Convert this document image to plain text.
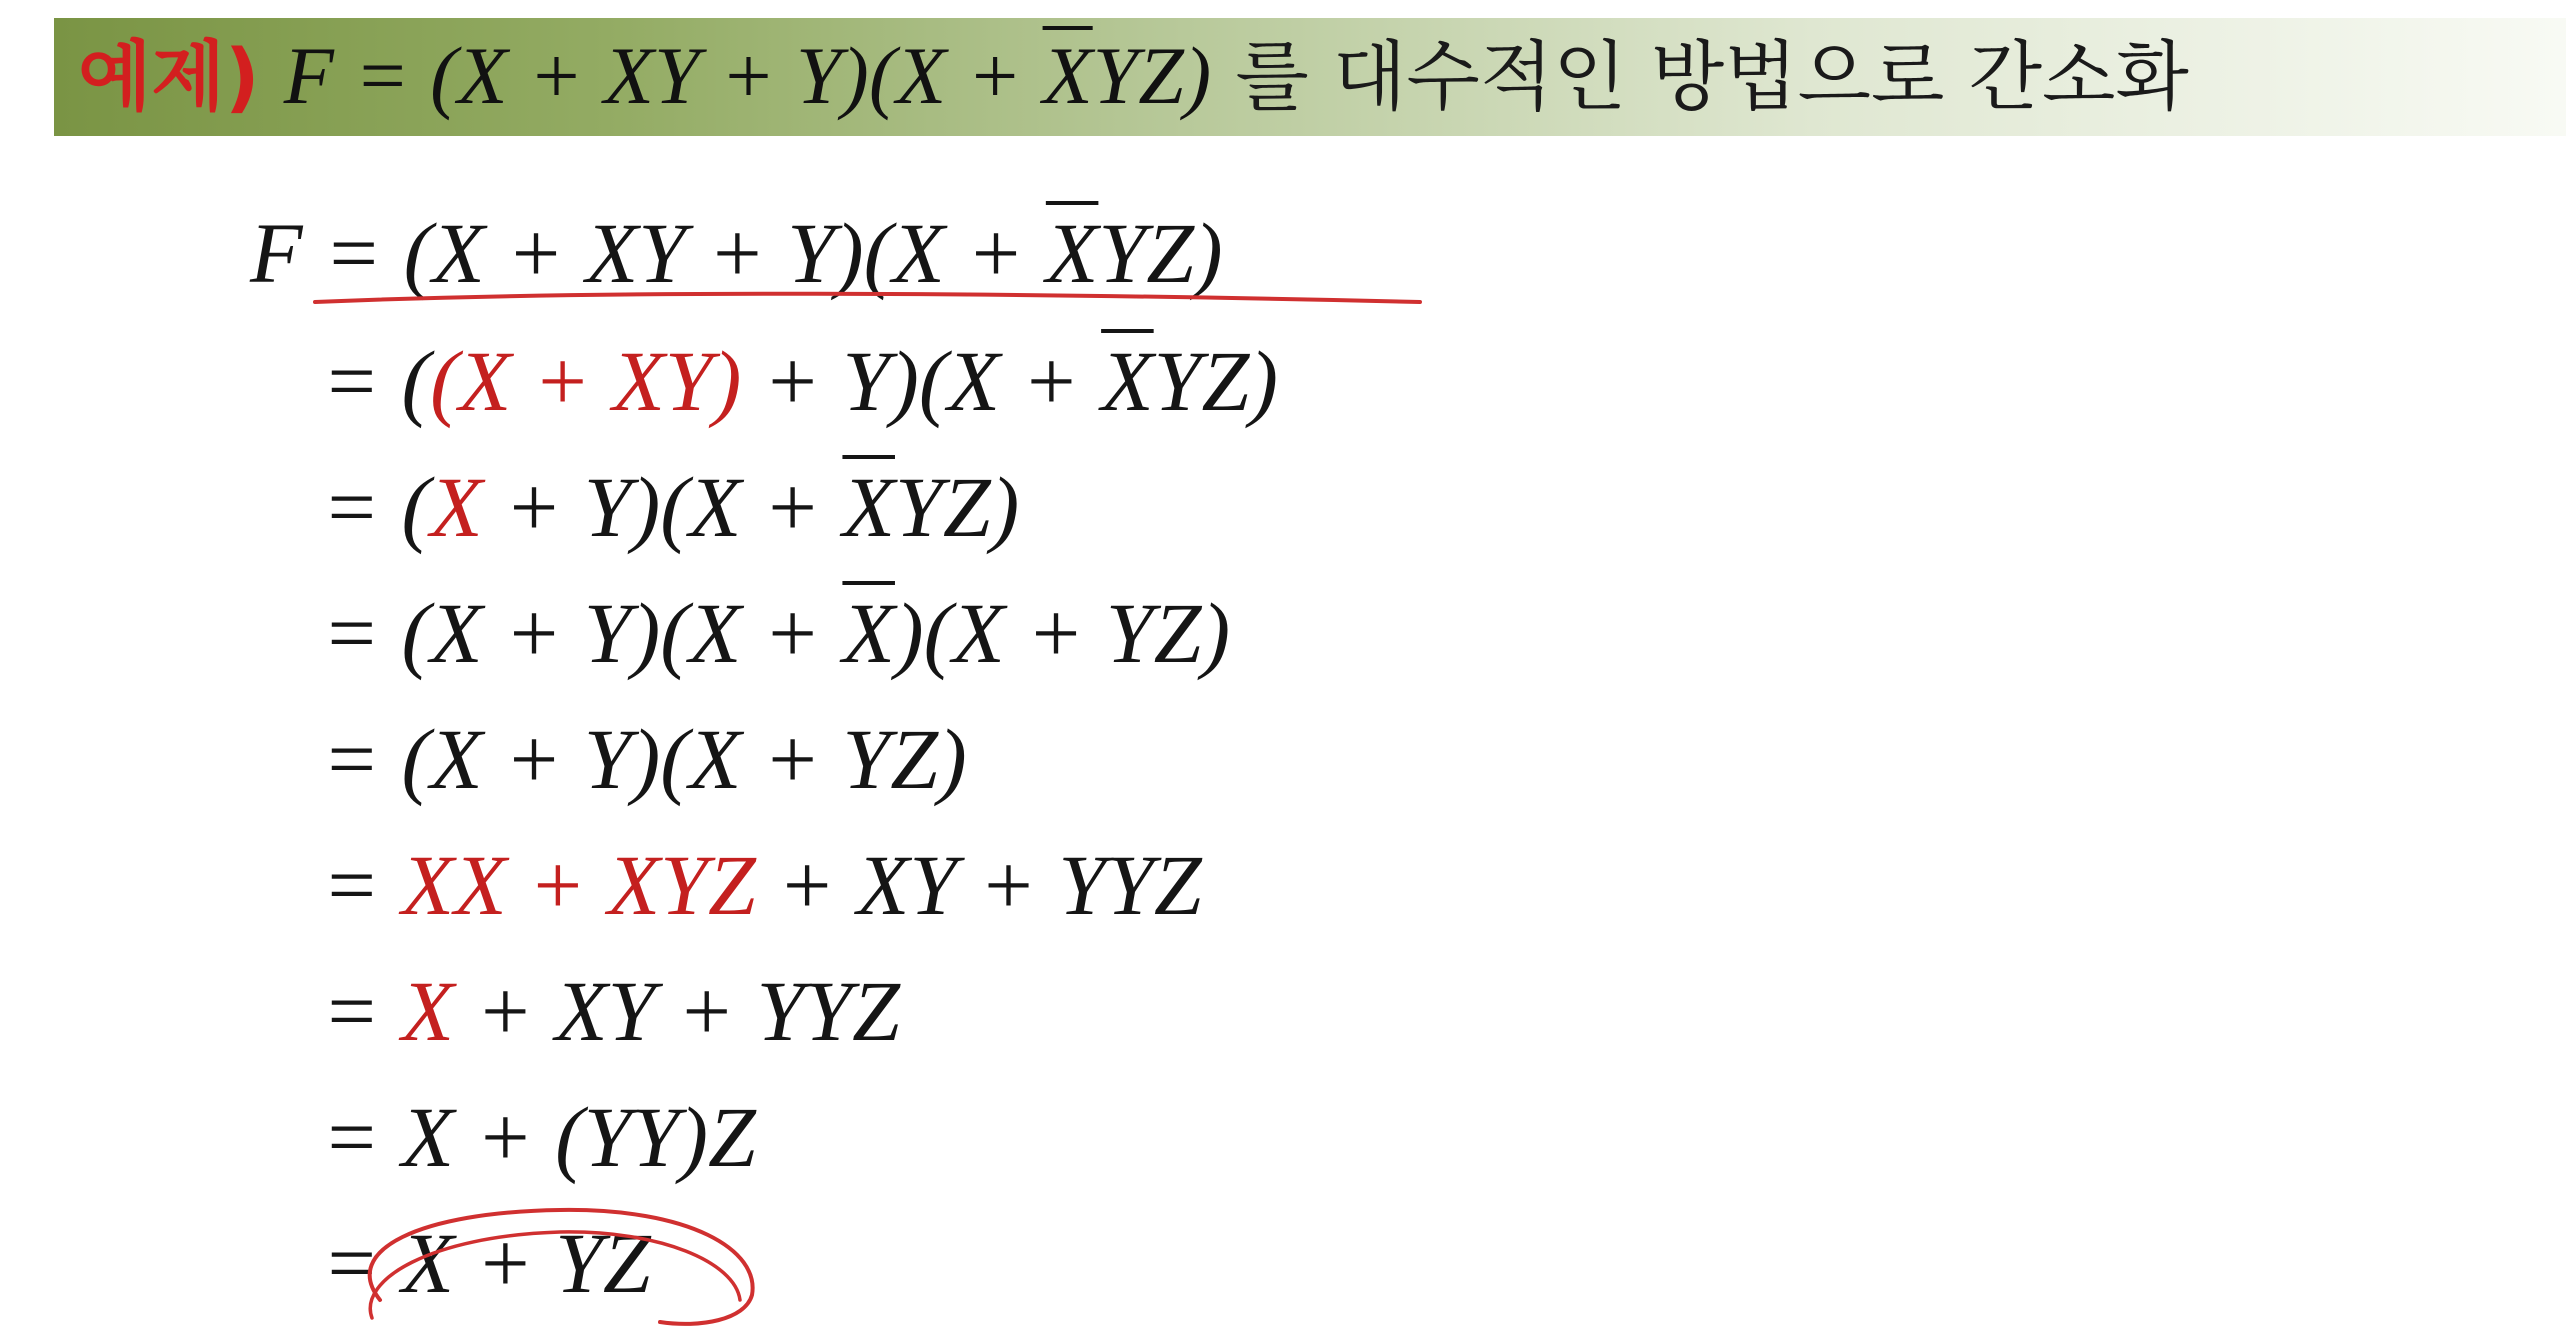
예제) F = (X + XY + $Y)(X + \overline{X}YZ)$ 를 대수적인 방법으로 간소화
F = (X + XY + $Y)(X + \overline{X}YZ)$
= $((X + XY) + Y)(X + \overline{X}YZ)$
= $(X + Y)(X + \overline{X}YZ)$
= $(X + Y)(X + \overline{X})(X + YZ)$
= (X + Y)(X + YZ)
= XX + XYZ + XY + YYZ
= X + XY + YYZ
= X + (YY)Z
= X + YZ
